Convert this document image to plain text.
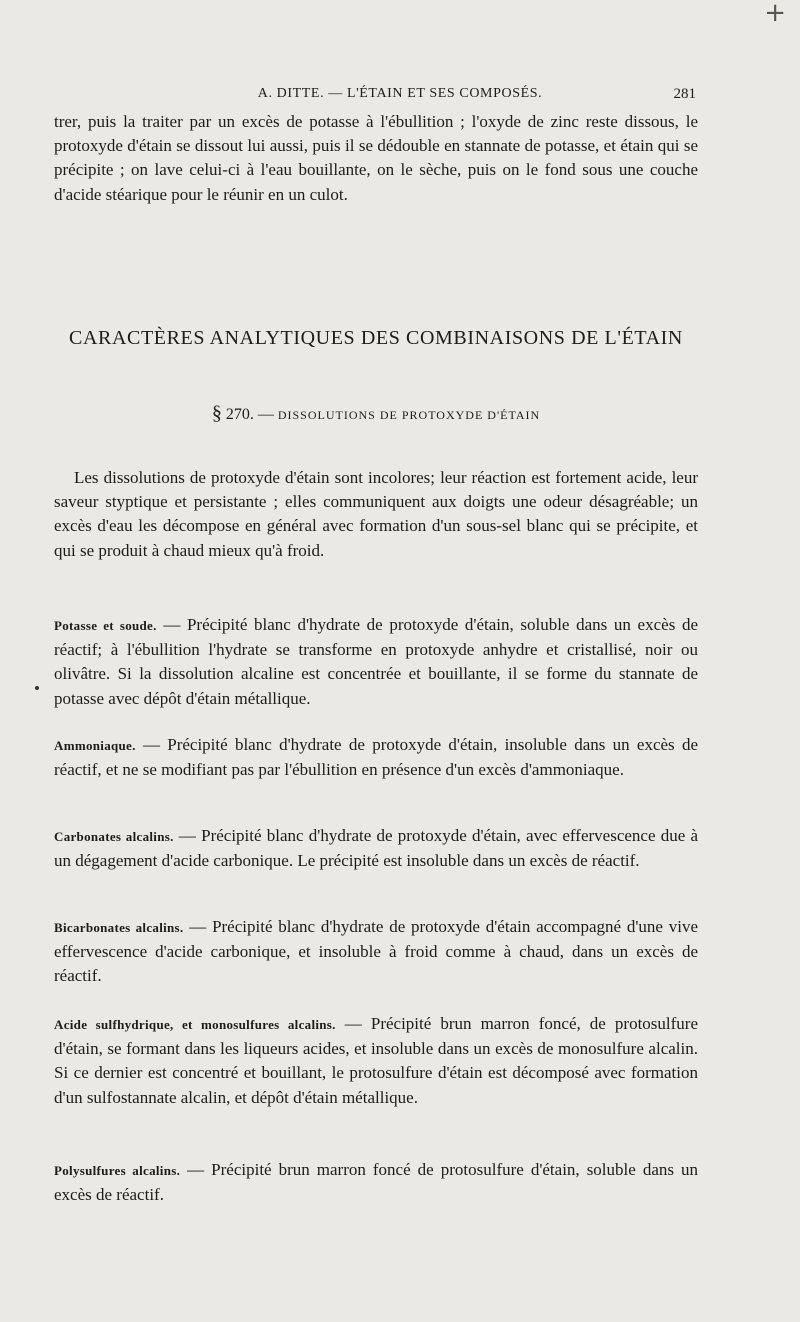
+
A. DITTE. — L'ÉTAIN ET SES COMPOSÉS.	281

trer, puis la traiter par un excès de potasse à l'ébullition ; l'oxyde de zinc reste dissous, le protoxyde d'étain se dissout lui aussi, puis il se dédouble en stannate de potasse, et étain qui se précipite ; on lave celui-ci à l'eau bouillante, on le sèche, puis on le fond sous une couche d'acide stéarique pour le réunir en un culot.

CARACTÈRES ANALYTIQUES DES COMBINAISONS DE L'ÉTAIN
§ 270. — DISSOLUTIONS DE PROTOXYDE D'ÉTAIN

Les dissolutions de protoxyde d'étain sont incolores; leur réaction est fortement acide, leur saveur styptique et persistante ; elles communiquent aux doigts une odeur désagréable; un excès d'eau les décompose en général avec formation d'un sous-sel blanc qui se précipite, et qui se produit à chaud mieux qu'à froid.

Potasse et soude. — Précipité blanc d'hydrate de protoxyde d'étain, soluble dans un excès de réactif; à l'ébullition l'hydrate se transforme en protoxyde anhydre et cristallisé, noir ou olivâtre. Si la dissolution alcaline est concentrée et bouillante, il se forme du stannate de potasse avec dépôt d'étain métallique.

Ammoniaque. — Précipité blanc d'hydrate de protoxyde d'étain, insoluble dans un excès de réactif, et ne se modifiant pas par l'ébullition en présence d'un excès d'ammoniaque.

Carbonates alcalins. — Précipité blanc d'hydrate de protoxyde d'étain, avec effervescence due à un dégagement d'acide carbonique. Le précipité est insoluble dans un excès de réactif.

Bicarbonates alcalins. — Précipité blanc d'hydrate de protoxyde d'étain accompagné d'une vive effervescence d'acide carbonique, et insoluble à froid comme à chaud, dans un excès de réactif.

Acide sulfhydrique, et monosulfures alcalins. — Précipité brun marron foncé, de protosulfure d'étain, se formant dans les liqueurs acides, et insoluble dans un excès de monosulfure alcalin. Si ce dernier est concentré et bouillant, le protosulfure d'étain est décomposé avec formation d'un sulfostannate alcalin, et dépôt d'étain métallique.

Polysulfures alcalins. — Précipité brun marron foncé de protosulfure d'étain, soluble dans un excès de réactif.
